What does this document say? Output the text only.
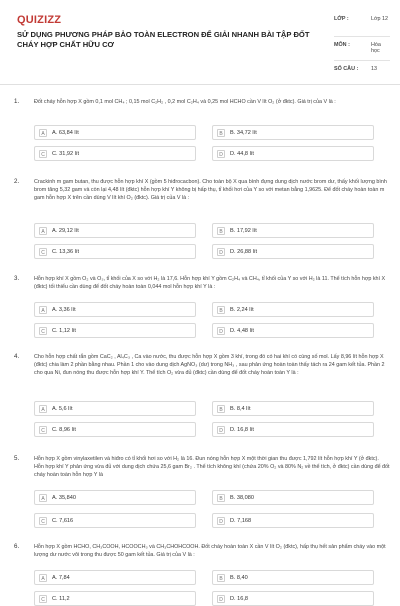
QUIZIZZ
SỬ DỤNG PHƯƠNG PHÁP BẢO TOÀN ELECTRON ĐỂ GIẢI NHANH BÀI TẬP ĐỐT CHÁY HỢP CHẤT HỮU CƠ
LỚP :	Lớp 12
MÔN :	Hóa học
SỐ CÂU : 13
1.	Đốt cháy hỗn hợp X gồm 0,1 mol CH₄ ; 0,15 mol C₂H₂ , 0,2 mol C₂H₄ và 0,25 mol HCHO cần V lít O₂ (ở đktc). Giá trị của V là :
A	A. 63,84 lít	B	B. 34,72 lít
C	C. 31,92 lít	D	D. 44,8 lít
2.	Crackinh m gam butan, thu được hỗn hợp khí X (gồm 5 hiđrocacbon). Cho toàn bộ X qua bình đựng dung dịch nước brom dư, thấy khối lượng bình brom tăng 5,32 gam và còn lại 4,48 lít (đktc) hỗn hợp khí Y không bị hấp thụ, tỉ khối hơi của Y so với metan bằng 1,9625. Để đốt cháy hoàn toàn m gam hỗn hợp X trên cần dùng V lít khí O₂ (đktc). Giá trị của V là :
A	A. 29,12 lít	B	B. 17,92 lít
C	C. 13,36 lít	D	D. 26,88 lít
3.	Hỗn hợp khí X gồm O₂ và O₃, tỉ khối của X so với H₂ là 17,6. Hỗn hợp khí Y gồm C₂H₄ và CH₄, tỉ khối của Y so với H₂ là 11. Thể tích hỗn hợp khí X (đktc) tối thiểu cần dùng để đốt cháy hoàn toàn 0,044 mol hỗn hợp khí Y là :
A	A. 3,36 lít	B	B. 2,24 lít
C	C. 1,12 lít	D	D. 4,48 lít
4.	Cho hỗn hợp chất rắn gồm CaC₂ , Al₄C₃ , Ca vào nước, thu được hỗn hợp X gồm 3 khí, trong đó có hai khí có cùng số mol. Lấy 8,96 lít hỗn hợp X (đktc) chia làm 2 phần bằng nhau. Phần 1 cho vào dung dịch AgNO₃ (dư) trong NH₃ , sau phản ứng hoàn toàn thấy tách ra 24 gam kết tủa. Phần 2 cho qua Ni, đun nóng thu được hỗn hợp khí Y. Thể tích O₂ vừa đủ (đktc) cần dùng để đốt cháy hoàn toàn Y là :
A	A. 5,6 lít	B	B. 8,4 lít
C	C. 8,96 lít	D	D. 16,8 lít
5.	Hỗn hợp X gồm vinylaxetilen và hiđro có tỉ khối hơi so với H₂ là 16. Đun nóng hỗn hợp X một thời gian thu được 1,792 lít hỗn hợp khí Y (ở đktc). Hỗn hợp khí Y phản ứng vừa đủ với dung dịch chứa 25,6 gam Br₂ . Thể tích không khí (chứa 20% O₂ và 80% N₂ về thể tích, ở đktc) cần dùng để đốt cháy hoàn toàn hỗn hợp Y là
A	A. 35,840	B	B. 38,080
C	C. 7,616	D	D. 7,168
6.	Hỗn hợp X gồm HCHO, CH₃COOH, HCOOCH₃ và CH₃CHOHCOOH. Đốt cháy hoàn toàn X cần V lít O₂ (đktc), hấp thụ hết sản phẩm cháy vào một lượng dư nước vôi trong thu được 50 gam kết tủa. Giá trị của V là :
A	A. 7,84	B	B. 8,40
C	C. 11,2	D	D. 16,8
